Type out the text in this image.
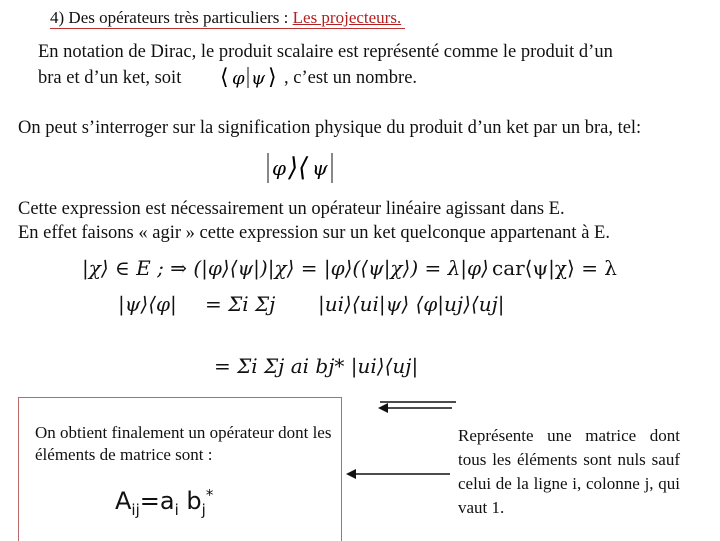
4) Des opérateurs très particuliers : Les projecteurs.
En notation de Dirac, le produit scalaire est représenté comme le produit d’un
bra et d’un ket, soit ⟨ φ ψ ⟩ , c’est un nombre.
On peut s’interroger sur la signification physique du produit d’un ket par un bra, tel:
φ ⟩⟨ ψ
Cette expression est nécessairement un opérateur linéaire agissant dans E.
En effet faisons « agir » cette expression sur un ket quelconque appartenant à E.
|χ⟩ ∈ E ; ⇒ (|φ⟩⟨ψ|)|χ⟩ = |φ⟩(⟨ψ|χ⟩) = λ|φ⟩ car⟨ψ|χ⟩ = λ
|ψ⟩⟨φ| = Σi Σj |ui⟩⟨ui|ψ⟩ ⟨φ|uj⟩⟨uj|
= Σi Σj ai bj* |ui⟩⟨uj|
On obtient finalement un opérateur dont les éléments de matrice sont :
$A_{ij}=a_i$ $b_j^*$
Représente une matrice dont tous les éléments sont nuls sauf celui de la ligne i, colonne j, qui vaut 1.
